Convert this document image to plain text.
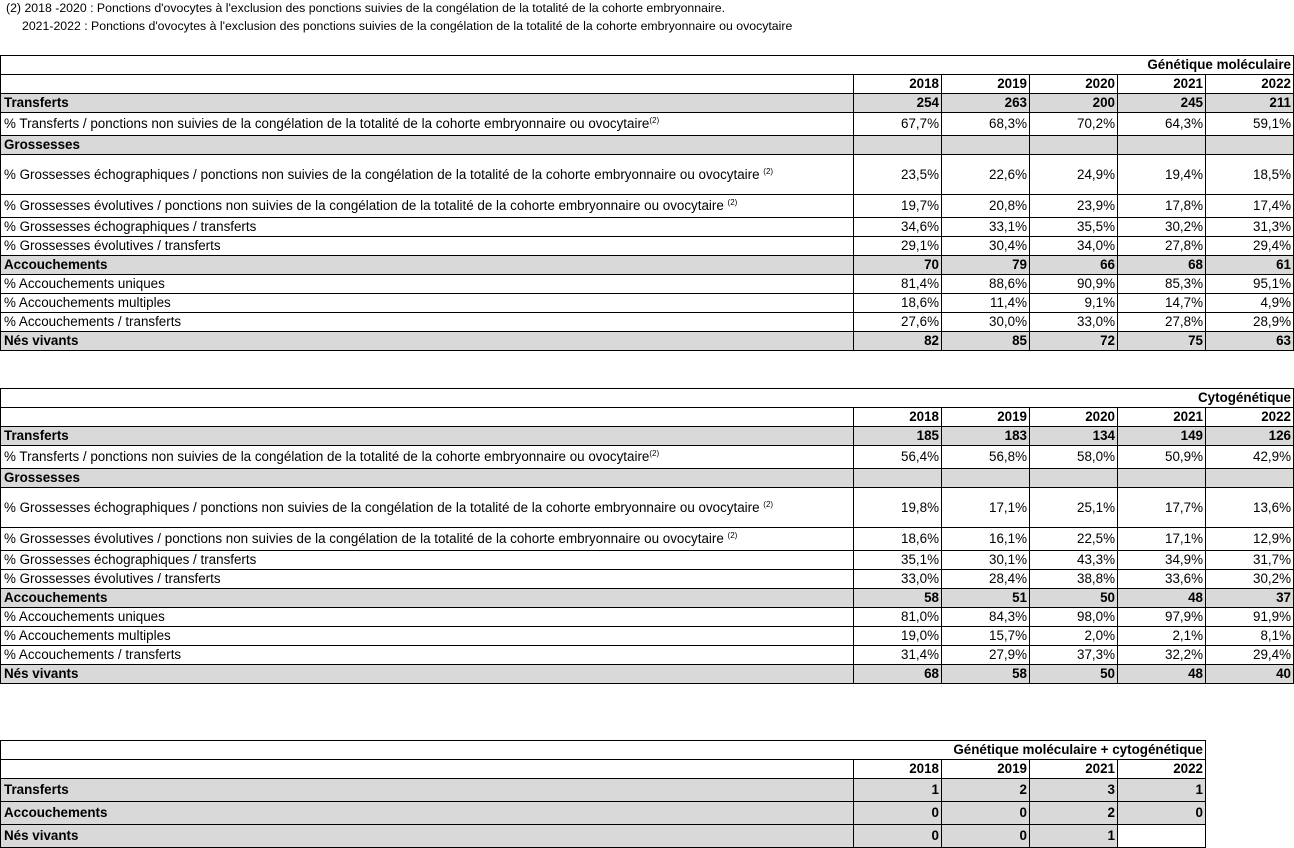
(2) 2018 -2020 : Ponctions d'ovocytes à l'exclusion des ponctions suivies de la congélation de la totalité de la cohorte embryonnaire.
2021-2022 : Ponctions d'ovocytes à l'exclusion des ponctions suivies de la congélation de la totalité de la cohorte embryonnaire ou ovocytaire
Génétique moléculaire					
	2018	2019	2020	2021	2022
Transferts	254	263	200	245	211
% Transferts / ponctions non suivies de la congélation de la totalité de la cohorte embryonnaire ou ovocytaire$^{(2)}$	67,7%	68,3%	70,2%	64,3%	59,1%
Grossesses					
% Grossesses échographiques / ponctions non suivies de la congélation de la totalité de la cohorte embryonnaire ou ovocytaire $^{(2)}$	23,5%	22,6%	24,9%	19,4%	18,5%
% Grossesses évolutives / ponctions non suivies de la congélation de la totalité de la cohorte embryonnaire ou ovocytaire $^{(2)}$	19,7%	20,8%	23,9%	17,8%	17,4%
% Grossesses échographiques / transferts	34,6%	33,1%	35,5%	30,2%	31,3%
% Grossesses évolutives / transferts	29,1%	30,4%	34,0%	27,8%	29,4%
Accouchements	70	79	66	68	61
% Accouchements uniques	81,4%	88,6%	90,9%	85,3%	95,1%
% Accouchements multiples	18,6%	11,4%	9,1%	14,7%	4,9%
% Accouchements / transferts	27,6%	30,0%	33,0%	27,8%	28,9%
Nés vivants	82	85	72	75	63
Cytogénétique					
	2018	2019	2020	2021	2022
Transferts	185	183	134	149	126
% Transferts / ponctions non suivies de la congélation de la totalité de la cohorte embryonnaire ou ovocytaire$^{(2)}$	56,4%	56,8%	58,0%	50,9%	42,9%
Grossesses					
% Grossesses échographiques / ponctions non suivies de la congélation de la totalité de la cohorte embryonnaire ou ovocytaire $^{(2)}$	19,8%	17,1%	25,1%	17,7%	13,6%
% Grossesses évolutives / ponctions non suivies de la congélation de la totalité de la cohorte embryonnaire ou ovocytaire $^{(2)}$	18,6%	16,1%	22,5%	17,1%	12,9%
% Grossesses échographiques / transferts	35,1%	30,1%	43,3%	34,9%	31,7%
% Grossesses évolutives / transferts	33,0%	28,4%	38,8%	33,6%	30,2%
Accouchements	58	51	50	48	37
% Accouchements uniques	81,0%	84,3%	98,0%	97,9%	91,9%
% Accouchements multiples	19,0%	15,7%	2,0%	2,1%	8,1%
% Accouchements / transferts	31,4%	27,9%	37,3%	32,2%	29,4%
Nés vivants	68	58	50	48	40
Génétique moléculaire + cytogénétique				
	2018	2019	2021	2022
Transferts	1	2	3	1
Accouchements	0	0	2	0
Nés vivants	0	0	1	
